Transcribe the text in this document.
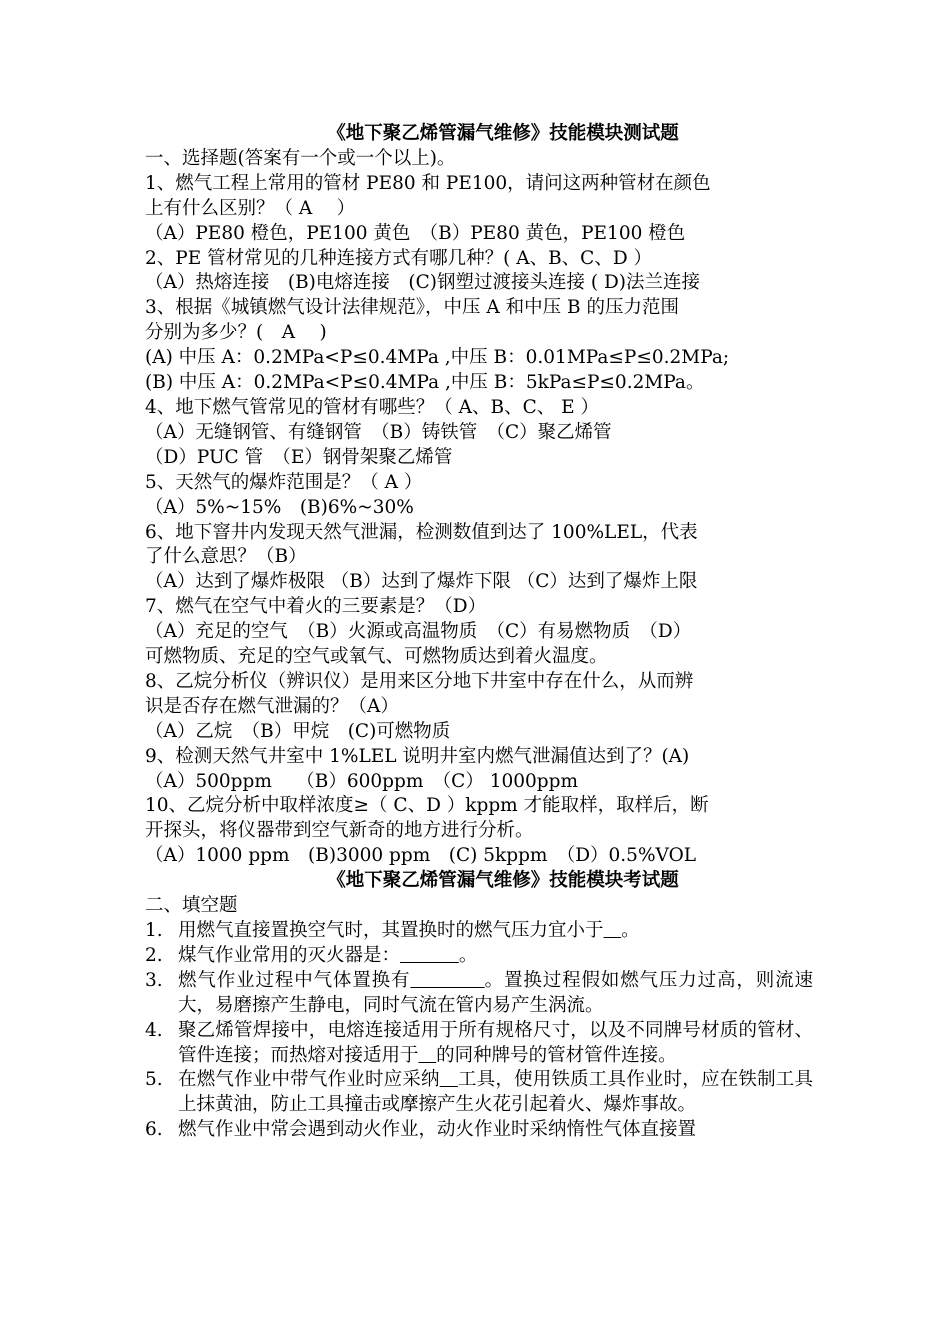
《地下聚乙烯管漏气维修》技能模块测试题
一、选择题(答案有一个或一个以上)。
1、燃气工程上常用的管材 PE80 和 PE100，请问这两种管材在颜色
上有什么区别？（ A　 ）
（A）PE80 橙色，PE100 黄色　（B）PE80 黄色，PE100 橙色
2、PE 管材常见的几种连接方式有哪几种？( A、B、C、D ）
（A）热熔连接　(B)电熔连接　(C)钢塑过渡接头连接 ( D)法兰连接
3、根据《城镇燃气设计法律规范》，中压 A 和中压 B 的压力范围
分别为多少？(　A　 )
(A) 中压 A：0.2MPa<P≤0.4MPa ,中压 B：0.01MPa≤P≤0.2MPa;
(B) 中压 A：0.2MPa<P≤0.4MPa ,中压 B：5kPa≤P≤0.2MPa。
4、地下燃气管常见的管材有哪些？（ A、B、C、 E ）
（A）无缝钢管、有缝钢管　（B）铸铁管　（C）聚乙烯管
（D）PUC 管　（E）钢骨架聚乙烯管
5、天然气的爆炸范围是？（ A ）
（A）5%~15%　(B)6%~30%
6、地下窨井内发现天然气泄漏，检测数值到达了 100%LEL，代表
了什么意思？（B）
（A）达到了爆炸极限 （B）达到了爆炸下限 （C）达到了爆炸上限
7、燃气在空气中着火的三要素是？（D）
（A）充足的空气　（B）火源或高温物质　（C）有易燃物质　（D）
可燃物质、充足的空气或氧气、可燃物质达到着火温度。
8、乙烷分析仪（辨识仪）是用来区分地下井室中存在什么，从而辨
识是否存在燃气泄漏的？（A）
（A）乙烷　（B）甲烷　(C)可燃物质
9、检测天然气井室中 1%LEL 说明井室内燃气泄漏值达到了？(A)
（A）500ppm　 （B）600ppm　（C） 1000ppm
10、乙烷分析中取样浓度≥（ C、D ）kppm 才能取样，取样后，断
开探头，将仪器带到空气新奇的地方进行分析。
（A）1000 ppm　(B)3000 ppm　(C) 5kppm　（D）0.5%VOL
《地下聚乙烯管漏气维修》技能模块考试题
二、填空题
1. 用燃气直接置换空气时，其置换时的燃气压力宜小于 。
2. 煤气作业常用的灭火器是：	。
3. 燃气作业过程中气体置换有	。置换过程假如燃气压力过高，则流速大，易磨擦产生静电，同时气流在管内易产生涡流。
4. 聚乙烯管焊接中，电熔连接适用于所有规格尺寸，以及不同牌号材质的管材、管件连接；而热熔对接适用于 的同种牌号的管材管件连接。
5. 在燃气作业中带气作业时应采纳 工具，使用铁质工具作业时，应在铁制工具上抹黄油，防止工具撞击或摩擦产生火花引起着火、爆炸事故。
6. 燃气作业中常会遇到动火作业，动火作业时采纳惰性气体直接置
